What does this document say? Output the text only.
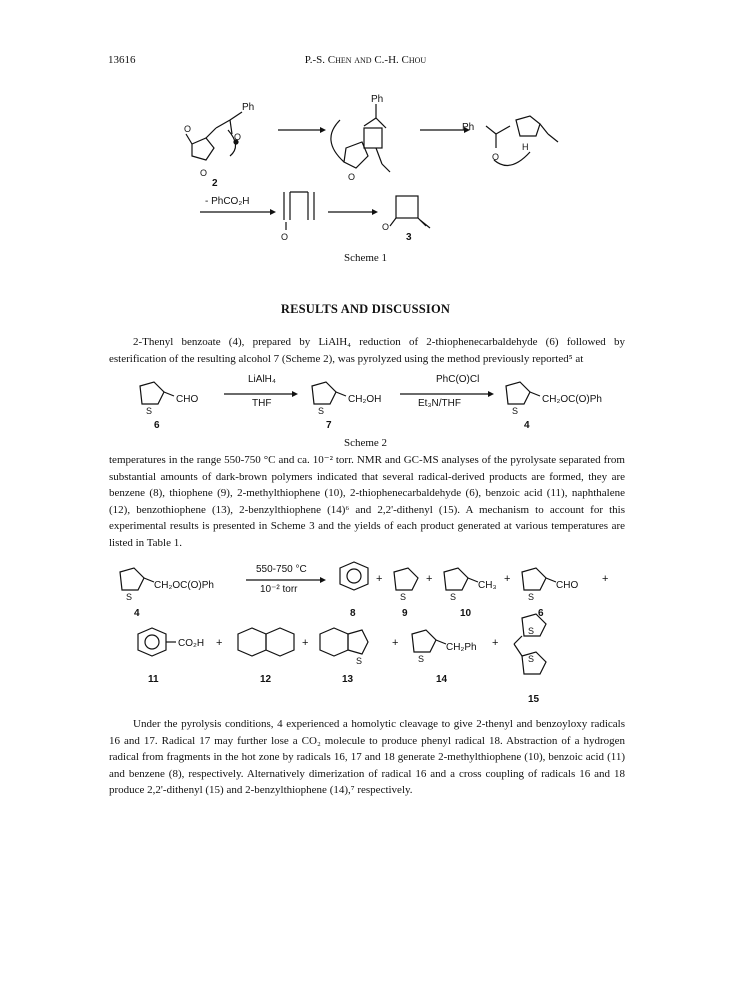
13616	P.-S. Chen and C.-H. Chou
Ph
O
O
O
2
Ph
O
Ph
O
H
- PhCO₂H
O
O
3
Scheme 1
RESULTS AND DISCUSSION

2-Thenyl benzoate (4), prepared by LiAlH₄ reduction of 2-thiophenecarbaldehyde (6) followed by esterification of the resulting alcohol 7 (Scheme 2), was pyrolyzed using the method previously reported⁵ at

S
CHO
6
LiAlH₄
THF
S
CH₂OH
7
PhC(O)Cl
Et₃N/THF
S
CH₂OC(O)Ph
4
Scheme 2

temperatures in the range 550-750 °C and ca. 10⁻² torr. NMR and GC-MS analyses of the pyrolysate separated from substantial amounts of dark-brown polymers indicated that several radical-derived products are formed, they are benzene (8), thiophene (9), 2-methylthiophene (10), 2-thiophenecarbaldehyde (6), benzoic acid (11), naphthalene (12), benzothiophene (13), 2-benzylthiophene (14)⁶ and 2,2'-dithenyl (15). A mechanism to account for this experimental results is presented in Scheme 3 and the yields of each product generated at various temperatures are listed in Table 1.

S
CH₂OC(O)Ph
4
550-750 °C
10⁻² torr
8
+
S
9
+
S
CH₃
10
+
S
CHO
6
+
CO₂H +
11	12
+
S
13
+
S
CH₂Ph
14
+
S
S
15

Under the pyrolysis conditions, 4 experienced a homolytic cleavage to give 2-thenyl and benzoyloxy radicals 16 and 17. Radical 17 may further lose a CO₂ molecule to produce phenyl radical 18. Abstraction of a hydrogen radical from fragments in the hot zone by radicals 16, 17 and 18 generate 2-methylthiophene (10), benzoic acid (11) and benzene (8), respectively. Alternatively dimerization of radical 16 and a cross coupling of radicals 16 and 18 produce 2,2'-dithenyl (15) and 2-benzylthiophene (14),⁷ respectively.
